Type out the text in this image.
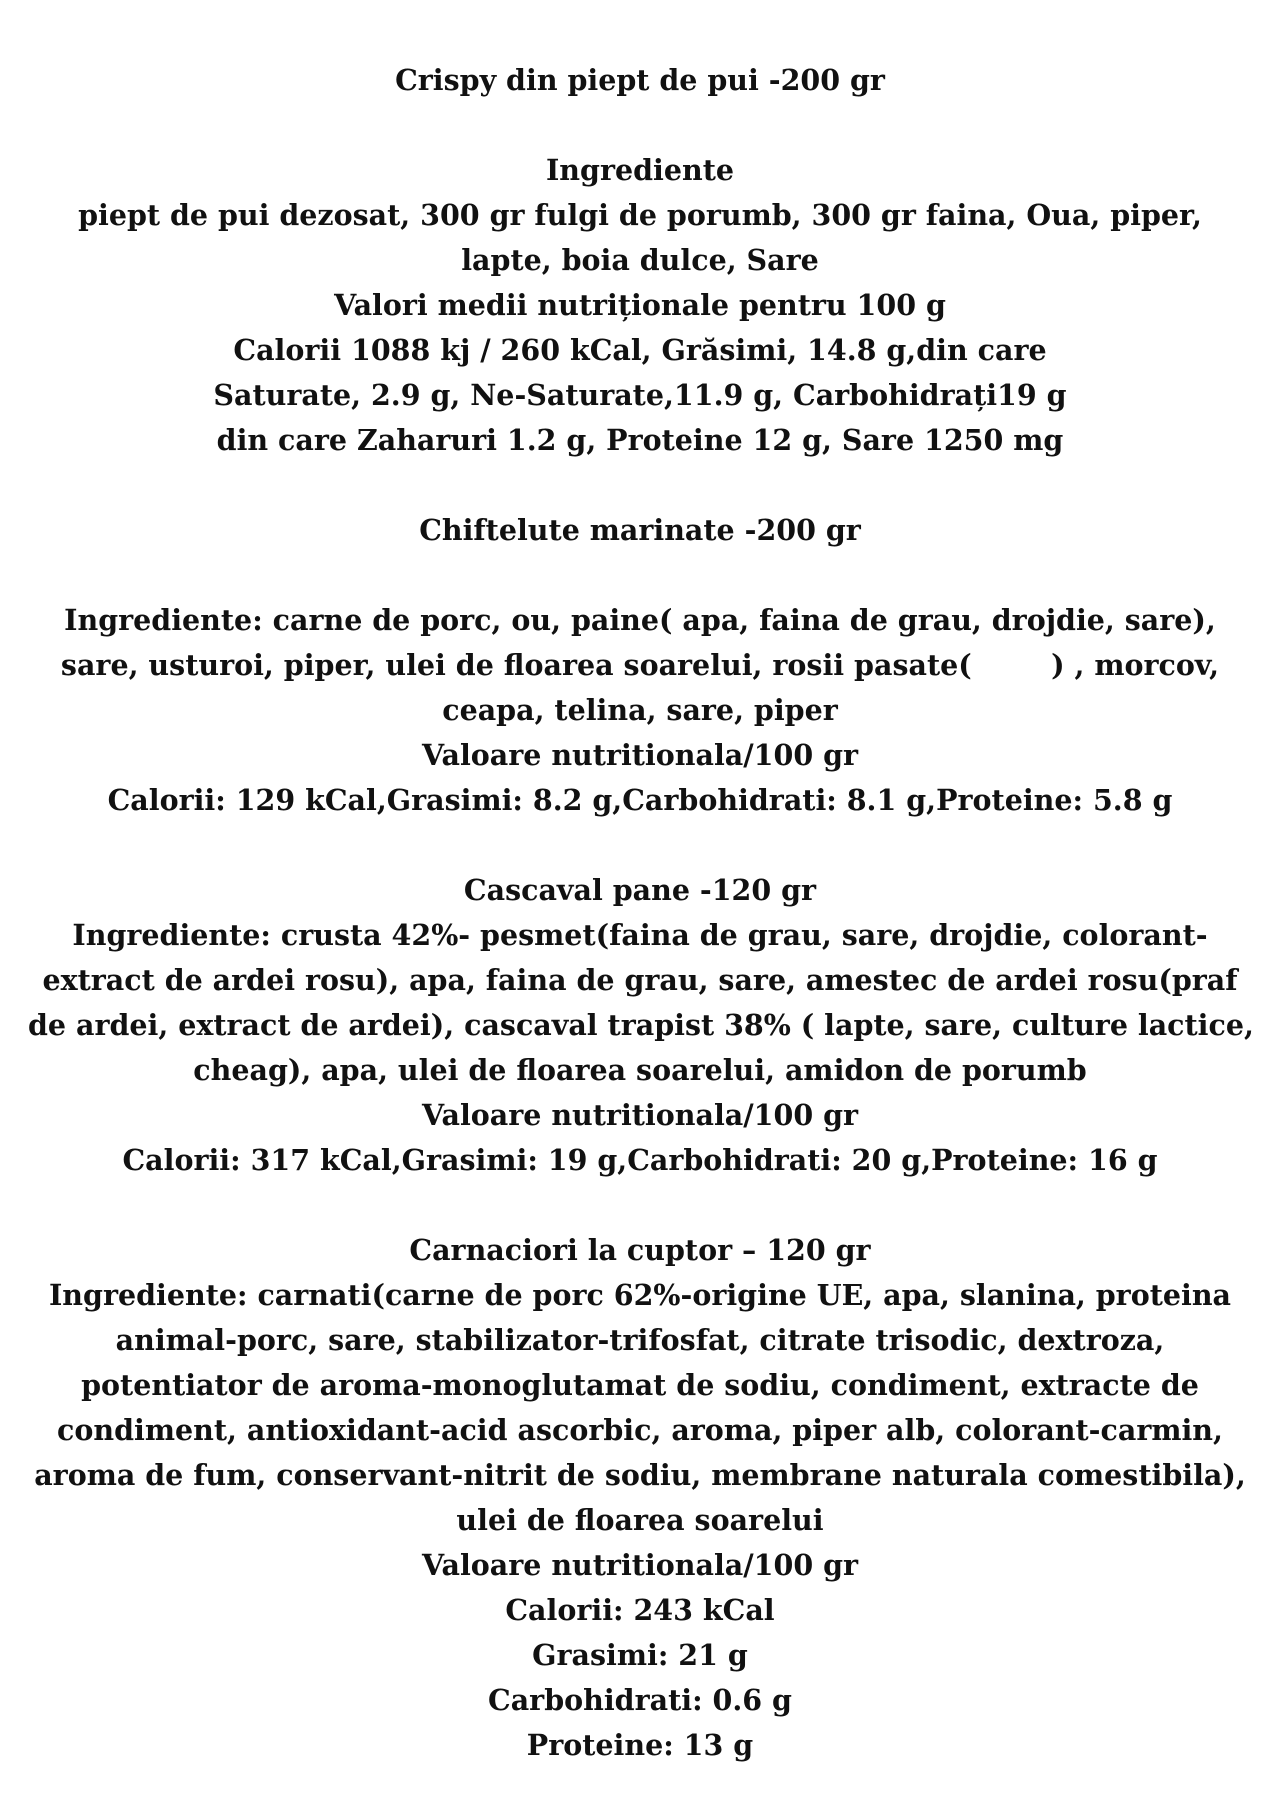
Crispy din piept de pui -200 gr

Ingrediente

piept de pui dezosat, 300 gr fulgi de porumb, 300 gr faina, Oua, piper,

lapte, boia dulce, Sare

Valori medii nutriționale pentru 100 g

Calorii 1088 kj / 260 kCal, Grăsimi, 14.8 g,din care

Saturate, 2.9 g, Ne-Saturate,11.9 g, Carbohidrați19 g

din care Zaharuri 1.2 g, Proteine 12 g, Sare 1250 mg

Chiftelute marinate -200 gr

Ingrediente: carne de porc, ou, paine( apa, faina de grau, drojdie, sare),

sare, usturoi, piper, ulei de floarea soarelui, rosii pasate(        ) , morcov,

ceapa, telina, sare, piper

Valoare nutritionala/100 gr

Calorii: 129 kCal,Grasimi: 8.2 g,Carbohidrati: 8.1 g,Proteine: 5.8 g

Cascaval pane -120 gr

Ingrediente: crusta 42%- pesmet(faina de grau, sare, drojdie, colorant-

extract de ardei rosu), apa, faina de grau, sare, amestec de ardei rosu(praf

de ardei, extract de ardei), cascaval trapist 38% ( lapte, sare, culture lactice,

cheag), apa, ulei de floarea soarelui, amidon de porumb

Valoare nutritionala/100 gr

Calorii: 317 kCal,Grasimi: 19 g,Carbohidrati: 20 g,Proteine: 16 g

Carnaciori la cuptor – 120 gr

Ingrediente: carnati(carne de porc 62%-origine UE, apa, slanina, proteina

animal-porc, sare, stabilizator-trifosfat, citrate trisodic, dextroza,

potentiator de aroma-monoglutamat de sodiu, condiment, extracte de

condiment, antioxidant-acid ascorbic, aroma, piper alb, colorant-carmin,

aroma de fum, conservant-nitrit de sodiu, membrane naturala comestibila),

ulei de floarea soarelui

Valoare nutritionala/100 gr

Calorii: 243 kCal

Grasimi: 21 g

Carbohidrati: 0.6 g

Proteine: 13 g
